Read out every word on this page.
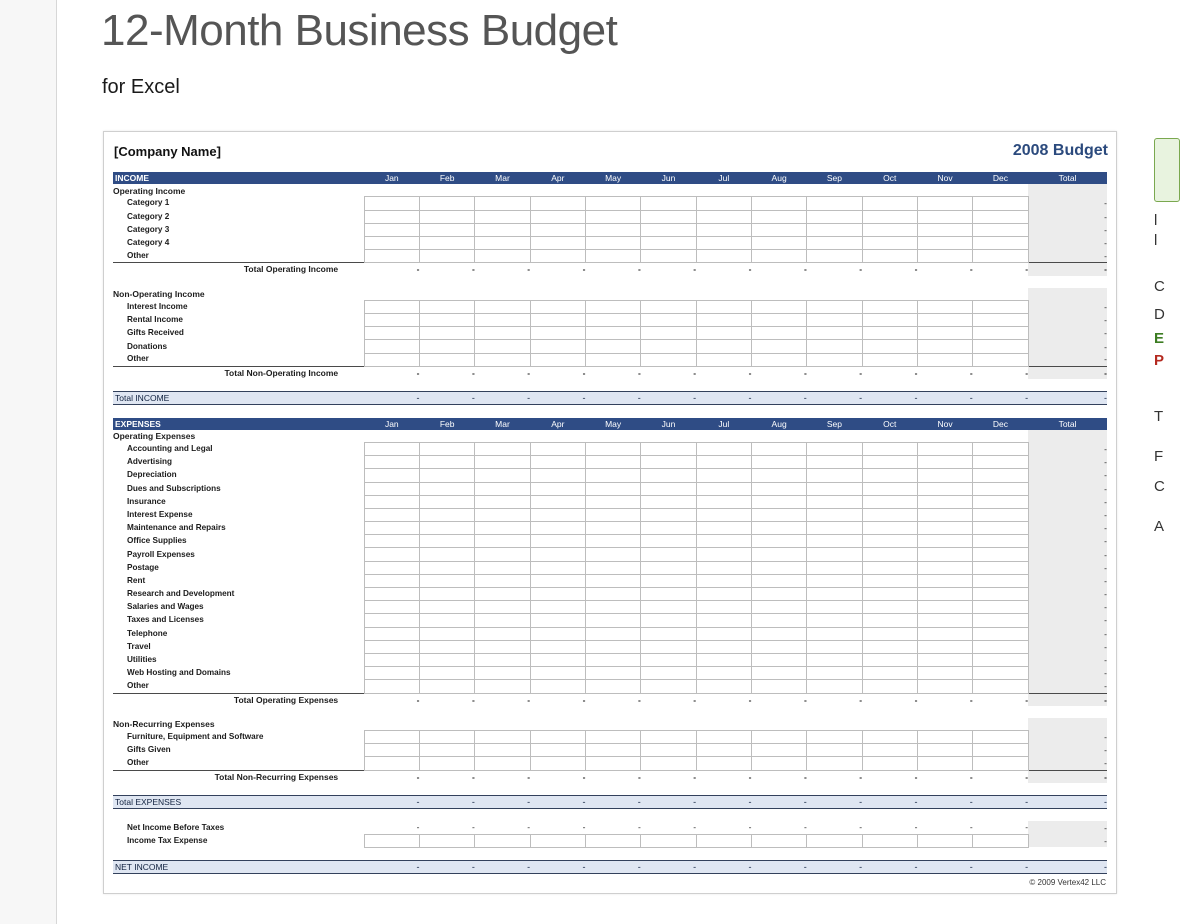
12-Month Business Budget
for Excel
[Company Name]	2008 Budget
INCOME	Jan	Feb	Mar	Apr	May	Jun	Jul	Aug	Sep	Oct	Nov	Dec	Total
Operating Income													
Category 1													-
Category 2													-
Category 3													-
Category 4													-
Other													-
Total Operating Income	-	-	-	-	-	-	-	-	-	-	-	-	-

Non-Operating Income													
Interest Income													-
Rental Income													-
Gifts Received													-
Donations													-
Other													-
Total Non-Operating Income	-	-	-	-	-	-	-	-	-	-	-	-	-

Total INCOME	-	-	-	-	-	-	-	-	-	-	-	-	-

EXPENSES	Jan	Feb	Mar	Apr	May	Jun	Jul	Aug	Sep	Oct	Nov	Dec	Total
Operating Expenses													
Accounting and Legal													-
Advertising													-
Depreciation													-
Dues and Subscriptions													-
Insurance													-
Interest Expense													-
Maintenance and Repairs													-
Office Supplies													-
Payroll Expenses													-
Postage													-
Rent													-
Research and Development													-
Salaries and Wages													-
Taxes and Licenses													-
Telephone													-
Travel													-
Utilities													-
Web Hosting and Domains													-
Other													-
Total Operating Expenses	-	-	-	-	-	-	-	-	-	-	-	-	-

Non-Recurring Expenses													
Furniture, Equipment and Software													-
Gifts Given													-
Other													-
Total Non-Recurring Expenses	-	-	-	-	-	-	-	-	-	-	-	-	-

Total EXPENSES	-	-	-	-	-	-	-	-	-	-	-	-	-

Net Income Before Taxes	-	-	-	-	-	-	-	-	-	-	-	-	-
Income Tax Expense													-

NET INCOME	-	-	-	-	-	-	-	-	-	-	-	-	-
© 2009 Vertex42 LLC
l
l
C
D
E
P
T
F
C
A
